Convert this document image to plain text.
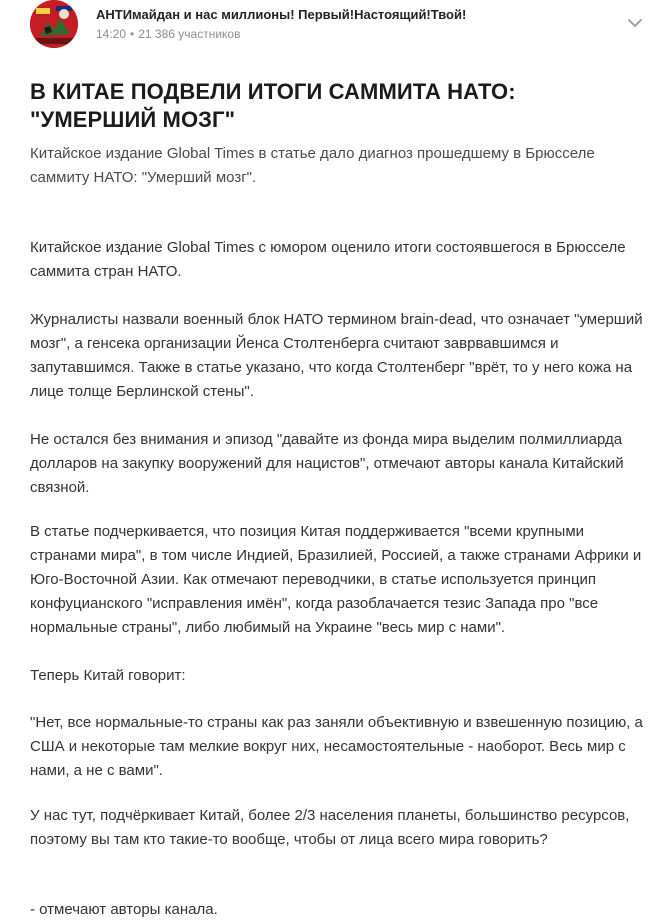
АНТИмайдан и нас миллионы! Первый!Настоящий!Твой!
14:20 • 21 386 участников
В КИТАЕ ПОДВЕЛИ ИТОГИ САММИТА НАТО:
"УМЕРШИЙ МОЗГ"

Китайское издание Global Times в статье дало диагноз прошедшему в Брюсселе саммиту НАТО: "Умерший мозг".

Китайское издание Global Times с юмором оценило итоги состоявшегося в Брюсселе саммита стран НАТО.

Журналисты назвали военный блок НАТО термином brain-dead, что означает "умерший мозг", а генсека организации Йенса Столтенберга считают заврвавшимся и запутавшимся. Также в статье указано, что когда Столтенберг "врёт, то у него кожа на лице толще Берлинской стены".

Не остался без внимания и эпизод "давайте из фонда мира выделим полмиллиарда долларов на закупку вооружений для нацистов", отмечают авторы канала Китайский связной.

В статье подчеркивается, что позиция Китая поддерживается "всеми крупными странами мира", в том числе Индией, Бразилией, Россией, а также странами Африки и Юго-Восточной Азии. Как отмечают переводчики, в статье используется принцип конфуцианского "исправления имён", когда разоблачается тезис Запада про "все нормальные страны", либо любимый на Украине "весь мир с нами".

Теперь Китай говорит:

"Нет, все нормальные-то страны как раз заняли объективную и взвешенную позицию, а США и некоторые там мелкие вокруг них, несамостоятельные - наоборот. Весь мир с нами, а не с вами".

У нас тут, подчёркивает Китай, более 2/3 населения планеты, большинство ресурсов, поэтому вы там кто такие-то вообще, чтобы от лица всего мира говорить?

- отмечают авторы канала.
